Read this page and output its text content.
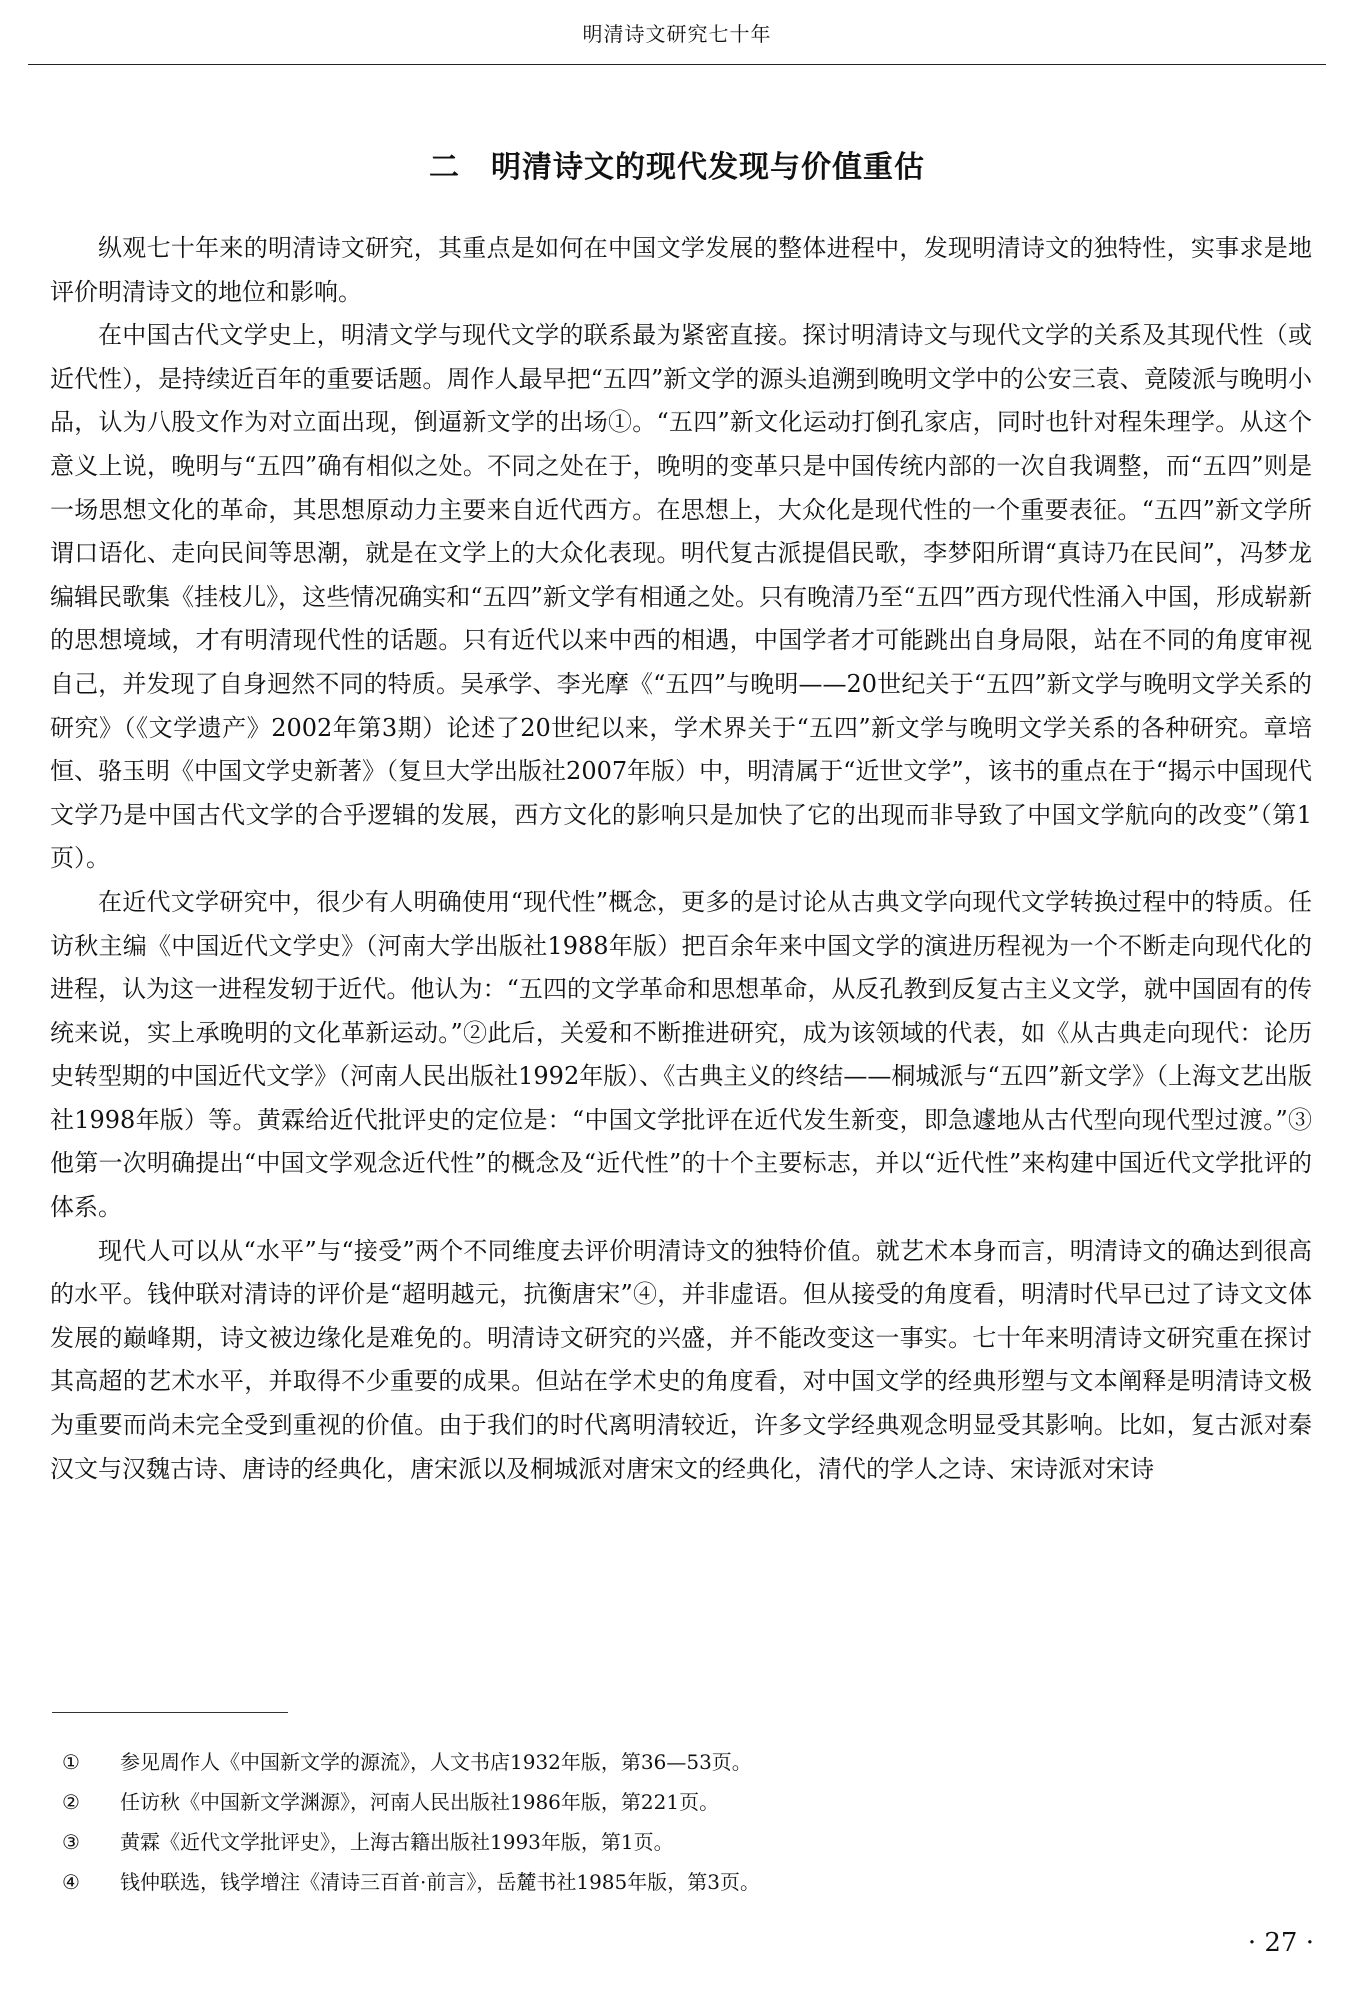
明清诗文研究七十年
二　明清诗文的现代发现与价值重估

纵观七十年来的明清诗文研究，其重点是如何在中国文学发展的整体进程中，发现明清诗文的独特性，实事求是地评价明清诗文的地位和影响。

在中国古代文学史上，明清文学与现代文学的联系最为紧密直接。探讨明清诗文与现代文学的关系及其现代性（或近代性），是持续近百年的重要话题。周作人最早把“五四”新文学的源头追溯到晚明文学中的公安三袁、竟陵派与晚明小品，认为八股文作为对立面出现，倒逼新文学的出场①。“五四”新文化运动打倒孔家店，同时也针对程朱理学。从这个意义上说，晚明与“五四”确有相似之处。不同之处在于，晚明的变革只是中国传统内部的一次自我调整，而“五四”则是一场思想文化的革命，其思想原动力主要来自近代西方。在思想上，大众化是现代性的一个重要表征。“五四”新文学所谓口语化、走向民间等思潮，就是在文学上的大众化表现。明代复古派提倡民歌，李梦阳所谓“真诗乃在民间”，冯梦龙编辑民歌集《挂枝儿》，这些情况确实和“五四”新文学有相通之处。只有晚清乃至“五四”西方现代性涌入中国，形成崭新的思想境域，才有明清现代性的话题。只有近代以来中西的相遇，中国学者才可能跳出自身局限，站在不同的角度审视自己，并发现了自身迥然不同的特质。吴承学、李光摩《“五四”与晚明——20世纪关于“五四”新文学与晚明文学关系的研究》（《文学遗产》2002年第3期）论述了20世纪以来，学术界关于“五四”新文学与晚明文学关系的各种研究。章培恒、骆玉明《中国文学史新著》（复旦大学出版社2007年版）中，明清属于“近世文学”，该书的重点在于“揭示中国现代文学乃是中国古代文学的合乎逻辑的发展，西方文化的影响只是加快了它的出现而非导致了中国文学航向的改变”（第1页）。

在近代文学研究中，很少有人明确使用“现代性”概念，更多的是讨论从古典文学向现代文学转换过程中的特质。任访秋主编《中国近代文学史》（河南大学出版社1988年版）把百余年来中国文学的演进历程视为一个不断走向现代化的进程，认为这一进程发轫于近代。他认为：“五四的文学革命和思想革命，从反孔教到反复古主义文学，就中国固有的传统来说，实上承晚明的文化革新运动。”②此后，关爱和不断推进研究，成为该领域的代表，如《从古典走向现代：论历史转型期的中国近代文学》（河南人民出版社1992年版）、《古典主义的终结——桐城派与“五四”新文学》（上海文艺出版社1998年版）等。黄霖给近代批评史的定位是：“中国文学批评在近代发生新变，即急遽地从古代型向现代型过渡。”③他第一次明确提出“中国文学观念近代性”的概念及“近代性”的十个主要标志，并以“近代性”来构建中国近代文学批评的体系。

现代人可以从“水平”与“接受”两个不同维度去评价明清诗文的独特价值。就艺术本身而言，明清诗文的确达到很高的水平。钱仲联对清诗的评价是“超明越元，抗衡唐宋”④，并非虚语。但从接受的角度看，明清时代早已过了诗文文体发展的巅峰期，诗文被边缘化是难免的。明清诗文研究的兴盛，并不能改变这一事实。七十年来明清诗文研究重在探讨其高超的艺术水平，并取得不少重要的成果。但站在学术史的角度看，对中国文学的经典形塑与文本阐释是明清诗文极为重要而尚未完全受到重视的价值。由于我们的时代离明清较近，许多文学经典观念明显受其影响。比如，复古派对秦汉文与汉魏古诗、唐诗的经典化，唐宋派以及桐城派对唐宋文的经典化，清代的学人之诗、宋诗派对宋诗

①	参见周作人《中国新文学的源流》，人文书店1932年版，第36—53页。
②	任访秋《中国新文学渊源》，河南人民出版社1986年版，第221页。
③	黄霖《近代文学批评史》，上海古籍出版社1993年版，第1页。
④	钱仲联选，钱学增注《清诗三百首·前言》，岳麓书社1985年版，第3页。
· 27 ·
